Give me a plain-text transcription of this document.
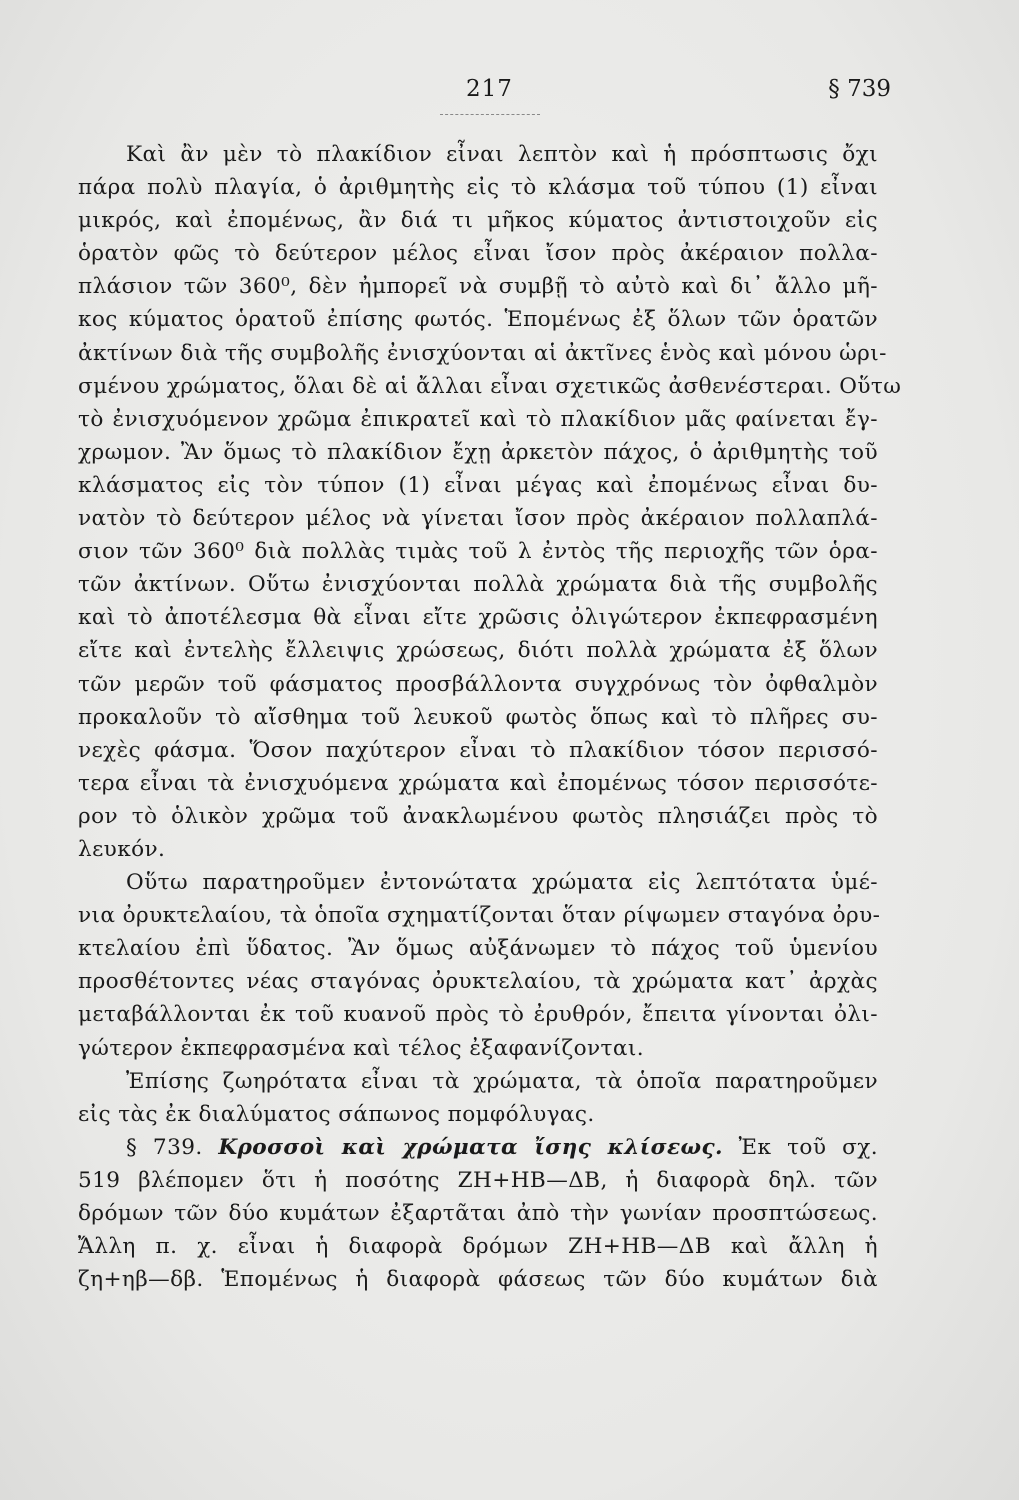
217	§ 739
Καὶ ἂν μὲν τὸ πλακίδιον εἶναι λεπτὸν καὶ ἡ πρόσπτωσις ὄχι
πάρα πολὺ πλαγία, ὁ ἀριθμητὴς εἰς τὸ κλάσμα τοῦ τύπου (1) εἶναι
μικρός, καὶ ἐπομένως, ἂν διά τι μῆκος κύματος ἀντιστοιχοῦν εἰς
ὁρατὸν φῶς τὸ δεύτερον μέλος εἶναι ἴσον πρὸς ἀκέραιον πολλα-
πλάσιον τῶν 360⁰, δὲν ἠμπορεῖ νὰ συμβῇ τὸ αὐτὸ καὶ δι᾽ ἄλλο μῆ-
κος κύματος ὁρατοῦ ἐπίσης φωτός. Ἑπομένως ἐξ ὅλων τῶν ὁρατῶν
ἀκτίνων διὰ τῆς συμβολῆς ἐνισχύονται αἱ ἀκτῖνες ἑνὸς καὶ μόνου ὡρι-
σμένου χρώματος, ὅλαι δὲ αἱ ἄλλαι εἶναι σχετικῶς ἀσθενέστεραι. Οὕτω
τὸ ἐνισχυόμενον χρῶμα ἐπικρατεῖ καὶ τὸ πλακίδιον μᾶς φαίνεται ἔγ-
χρωμον. Ἂν ὅμως τὸ πλακίδιον ἔχῃ ἀρκετὸν πάχος, ὁ ἀριθμητὴς τοῦ
κλάσματος εἰς τὸν τύπον (1) εἶναι μέγας καὶ ἐπομένως εἶναι δυ-
νατὸν τὸ δεύτερον μέλος νὰ γίνεται ἴσον πρὸς ἀκέραιον πολλαπλά-
σιον τῶν 360⁰ διὰ πολλὰς τιμὰς τοῦ λ ἐντὸς τῆς περιοχῆς τῶν ὁρα-
τῶν ἀκτίνων. Οὕτω ἐνισχύονται πολλὰ χρώματα διὰ τῆς συμβολῆς
καὶ τὸ ἀποτέλεσμα θὰ εἶναι εἴτε χρῶσις ὀλιγώτερον ἐκπεφρασμένη
εἴτε καὶ ἐντελὴς ἔλλειψις χρώσεως, διότι πολλὰ χρώματα ἐξ ὅλων
τῶν μερῶν τοῦ φάσματος προσβάλλοντα συγχρόνως τὸν ὀφθαλμὸν
προκαλοῦν τὸ αἴσθημα τοῦ λευκοῦ φωτὸς ὅπως καὶ τὸ πλῆρες συ-
νεχὲς φάσμα. Ὅσον παχύτερον εἶναι τὸ πλακίδιον τόσον περισσό-
τερα εἶναι τὰ ἐνισχυόμενα χρώματα καὶ ἐπομένως τόσον περισσότε-
ρον τὸ ὁλικὸν χρῶμα τοῦ ἀνακλωμένου φωτὸς πλησιάζει πρὸς τὸ
λευκόν.
Οὕτω παρατηροῦμεν ἐντονώτατα χρώματα εἰς λεπτότατα ὑμέ-
νια ὀρυκτελαίου, τὰ ὁποῖα σχηματίζονται ὅταν ρίψωμεν σταγόνα ὀρυ-
κτελαίου ἐπὶ ὕδατος. Ἂν ὅμως αὐξάνωμεν τὸ πάχος τοῦ ὑμενίου
προσθέτοντες νέας σταγόνας ὀρυκτελαίου, τὰ χρώματα κατ᾽ ἀρχὰς
μεταβάλλονται ἐκ τοῦ κυανοῦ πρὸς τὸ ἐρυθρόν, ἔπειτα γίνονται ὀλι-
γώτερον ἐκπεφρασμένα καὶ τέλος ἐξαφανίζονται.
Ἐπίσης ζωηρότατα εἶναι τὰ χρώματα, τὰ ὁποῖα παρατηροῦμεν
εἰς τὰς ἐκ διαλύματος σάπωνος πομφόλυγας.
§ 739. Κροσσοὶ καὶ χρώματα ἴσης κλίσεως. Ἐκ τοῦ σχ.
519 βλέπομεν ὅτι ἡ ποσότης ΖΗ+ΗΒ—ΔΒ, ἡ διαφορὰ δηλ. τῶν
δρόμων τῶν δύο κυμάτων ἐξαρτᾶται ἀπὸ τὴν γωνίαν προσπτώσεως.
Ἄλλη π. χ. εἶναι ἡ διαφορὰ δρόμων ΖΗ+ΗΒ—ΔΒ καὶ ἄλλη ἡ
ζη+ηβ—δβ. Ἑπομένως ἡ διαφορὰ φάσεως τῶν δύο κυμάτων διὰ
